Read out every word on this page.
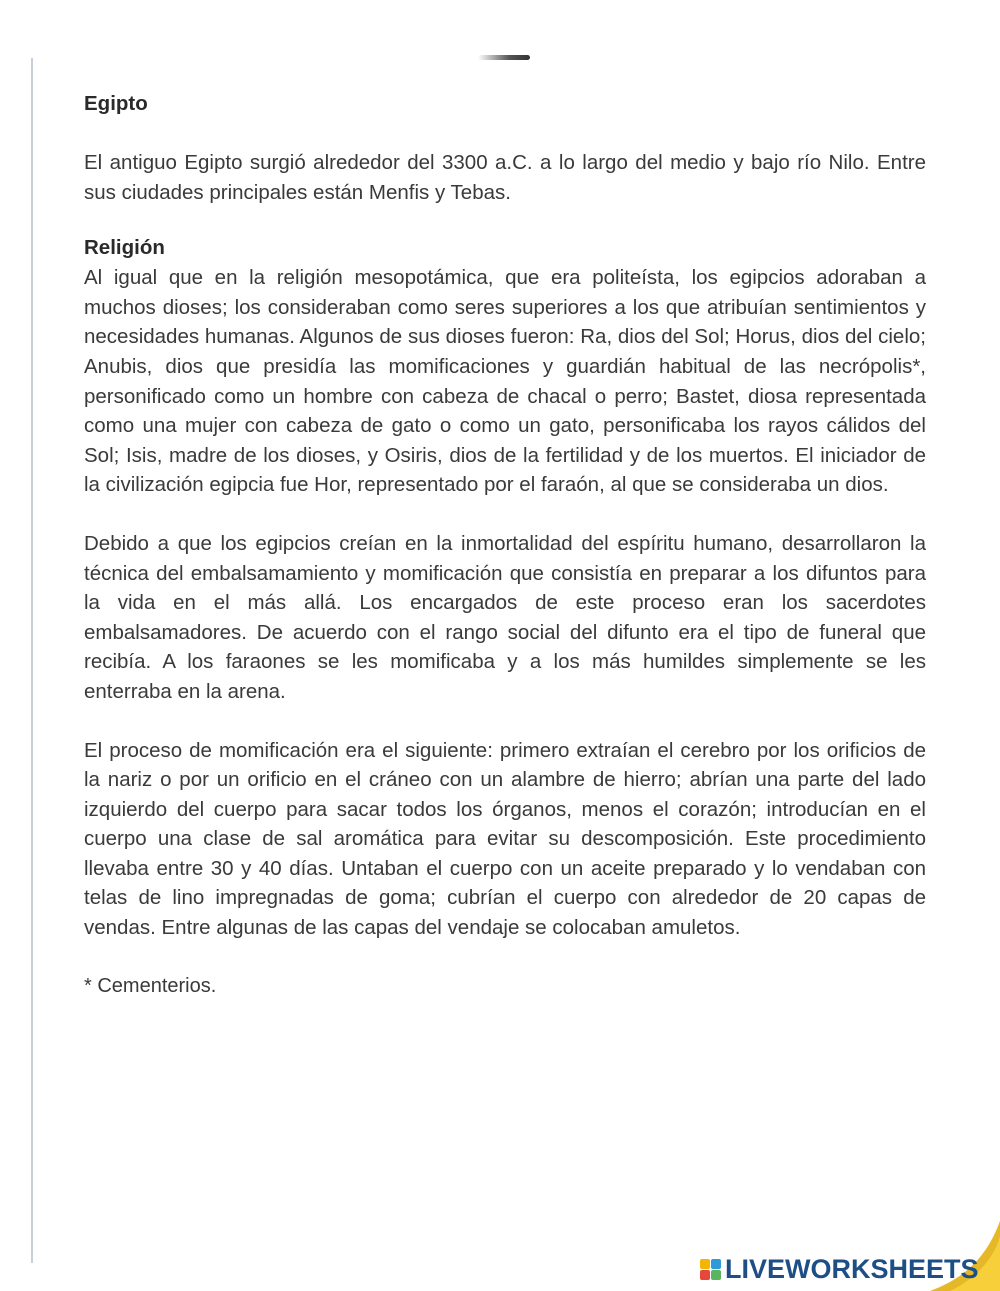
Egipto

El antiguo Egipto surgió alrededor del 3300 a.C. a lo largo del medio y bajo río Nilo. Entre sus ciudades principales están Menfis y Tebas.

Religión

Al igual que en la religión mesopotámica, que era politeísta, los egipcios adoraban a muchos dioses; los consideraban como seres superiores a los que atribuían sentimientos y necesidades humanas. Algunos de sus dioses fueron: Ra, dios del Sol; Horus, dios del cielo; Anubis, dios que presidía las momificaciones y guardián habitual de las necrópolis*, personificado como un hombre con cabeza de chacal o perro; Bastet, diosa representada como una mujer con cabeza de gato o como un gato, personificaba los rayos cálidos del Sol; Isis, madre de los dioses, y Osiris, dios de la fertilidad y de los muertos. El iniciador de la civilización egipcia fue Hor, representado por el faraón, al que se consideraba un dios.

Debido a que los egipcios creían en la inmortalidad del espíritu humano, desarrollaron la técnica del embalsamamiento y momificación que consistía en preparar a los difuntos para la vida en el más allá. Los encargados de este proceso eran los sacerdotes embalsamadores. De acuerdo con el rango social del difunto era el tipo de funeral que recibía. A los faraones se les momificaba y a los más humildes simplemente se les enterraba en la arena.

El proceso de momificación era el siguiente: primero extraían el cerebro por los orificios de la nariz o por un orificio en el cráneo con un alambre de hierro; abrían una parte del lado izquierdo del cuerpo para sacar todos los órganos, menos el corazón; introducían en el cuerpo una clase de sal aromática para evitar su descomposición. Este procedimiento llevaba entre 30 y 40 días. Untaban el cuerpo con un aceite preparado y lo vendaban con telas de lino impregnadas de goma; cubrían el cuerpo con alrededor de 20 capas de vendas. Entre algunas de las capas del vendaje se colocaban amuletos.

* Cementerios.

LIVEWORKSHEETS
